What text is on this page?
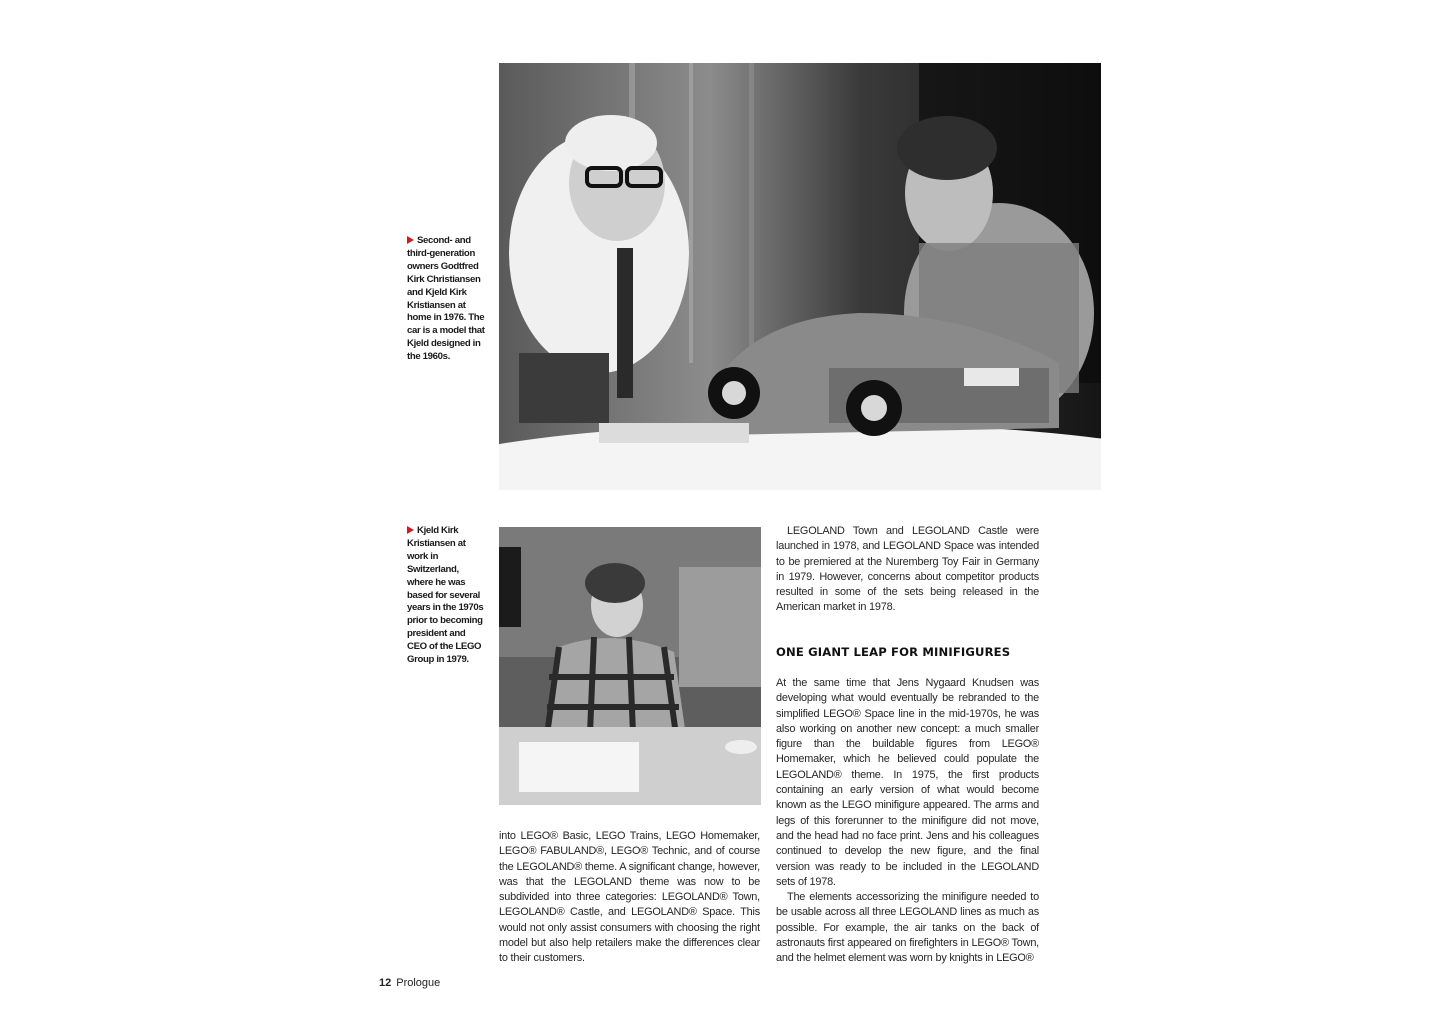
Second- and third-generation owners Godtfred Kirk Christiansen and Kjeld Kirk Kristiansen at home in 1976. The car is a model that Kjeld designed in the 1960s.
Kjeld Kirk Kristiansen at work in Switzerland, where he was based for several years in the 1970s prior to becoming president and CEO of the LEGO Group in 1979.

into LEGO® Basic, LEGO Trains, LEGO Homemaker, LEGO® FABULAND®, LEGO® Technic, and of course the LEGOLAND® theme. A significant change, however, was that the LEGOLAND theme was now to be subdivided into three categories: LEGOLAND® Town, LEGOLAND® Castle, and LEGOLAND® Space. This would not only assist consumers with choosing the right model but also help retailers make the differences clear to their customers.

LEGOLAND Town and LEGOLAND Castle were launched in 1978, and LEGOLAND Space was intended to be premiered at the Nuremberg Toy Fair in Germany in 1979. However, concerns about competitor products resulted in some of the sets being released in the American market in 1978.

ONE GIANT LEAP FOR MINIFIGURES

At the same time that Jens Nygaard Knudsen was developing what would eventually be rebranded to the simplified LEGO® Space line in the mid-1970s, he was also working on another new concept: a much smaller figure than the buildable figures from LEGO® Homemaker, which he believed could populate the LEGOLAND® theme. In 1975, the first products containing an early version of what would become known as the LEGO minifigure appeared. The arms and legs of this forerunner to the minifigure did not move, and the head had no face print. Jens and his colleagues continued to develop the new figure, and the final version was ready to be included in the LEGOLAND sets of 1978.

The elements accessorizing the minifigure needed to be usable across all three LEGOLAND lines as much as possible. For example, the air tanks on the back of astronauts first appeared on firefighters in LEGO® Town, and the helmet element was worn by knights in LEGO®

12 Prologue
